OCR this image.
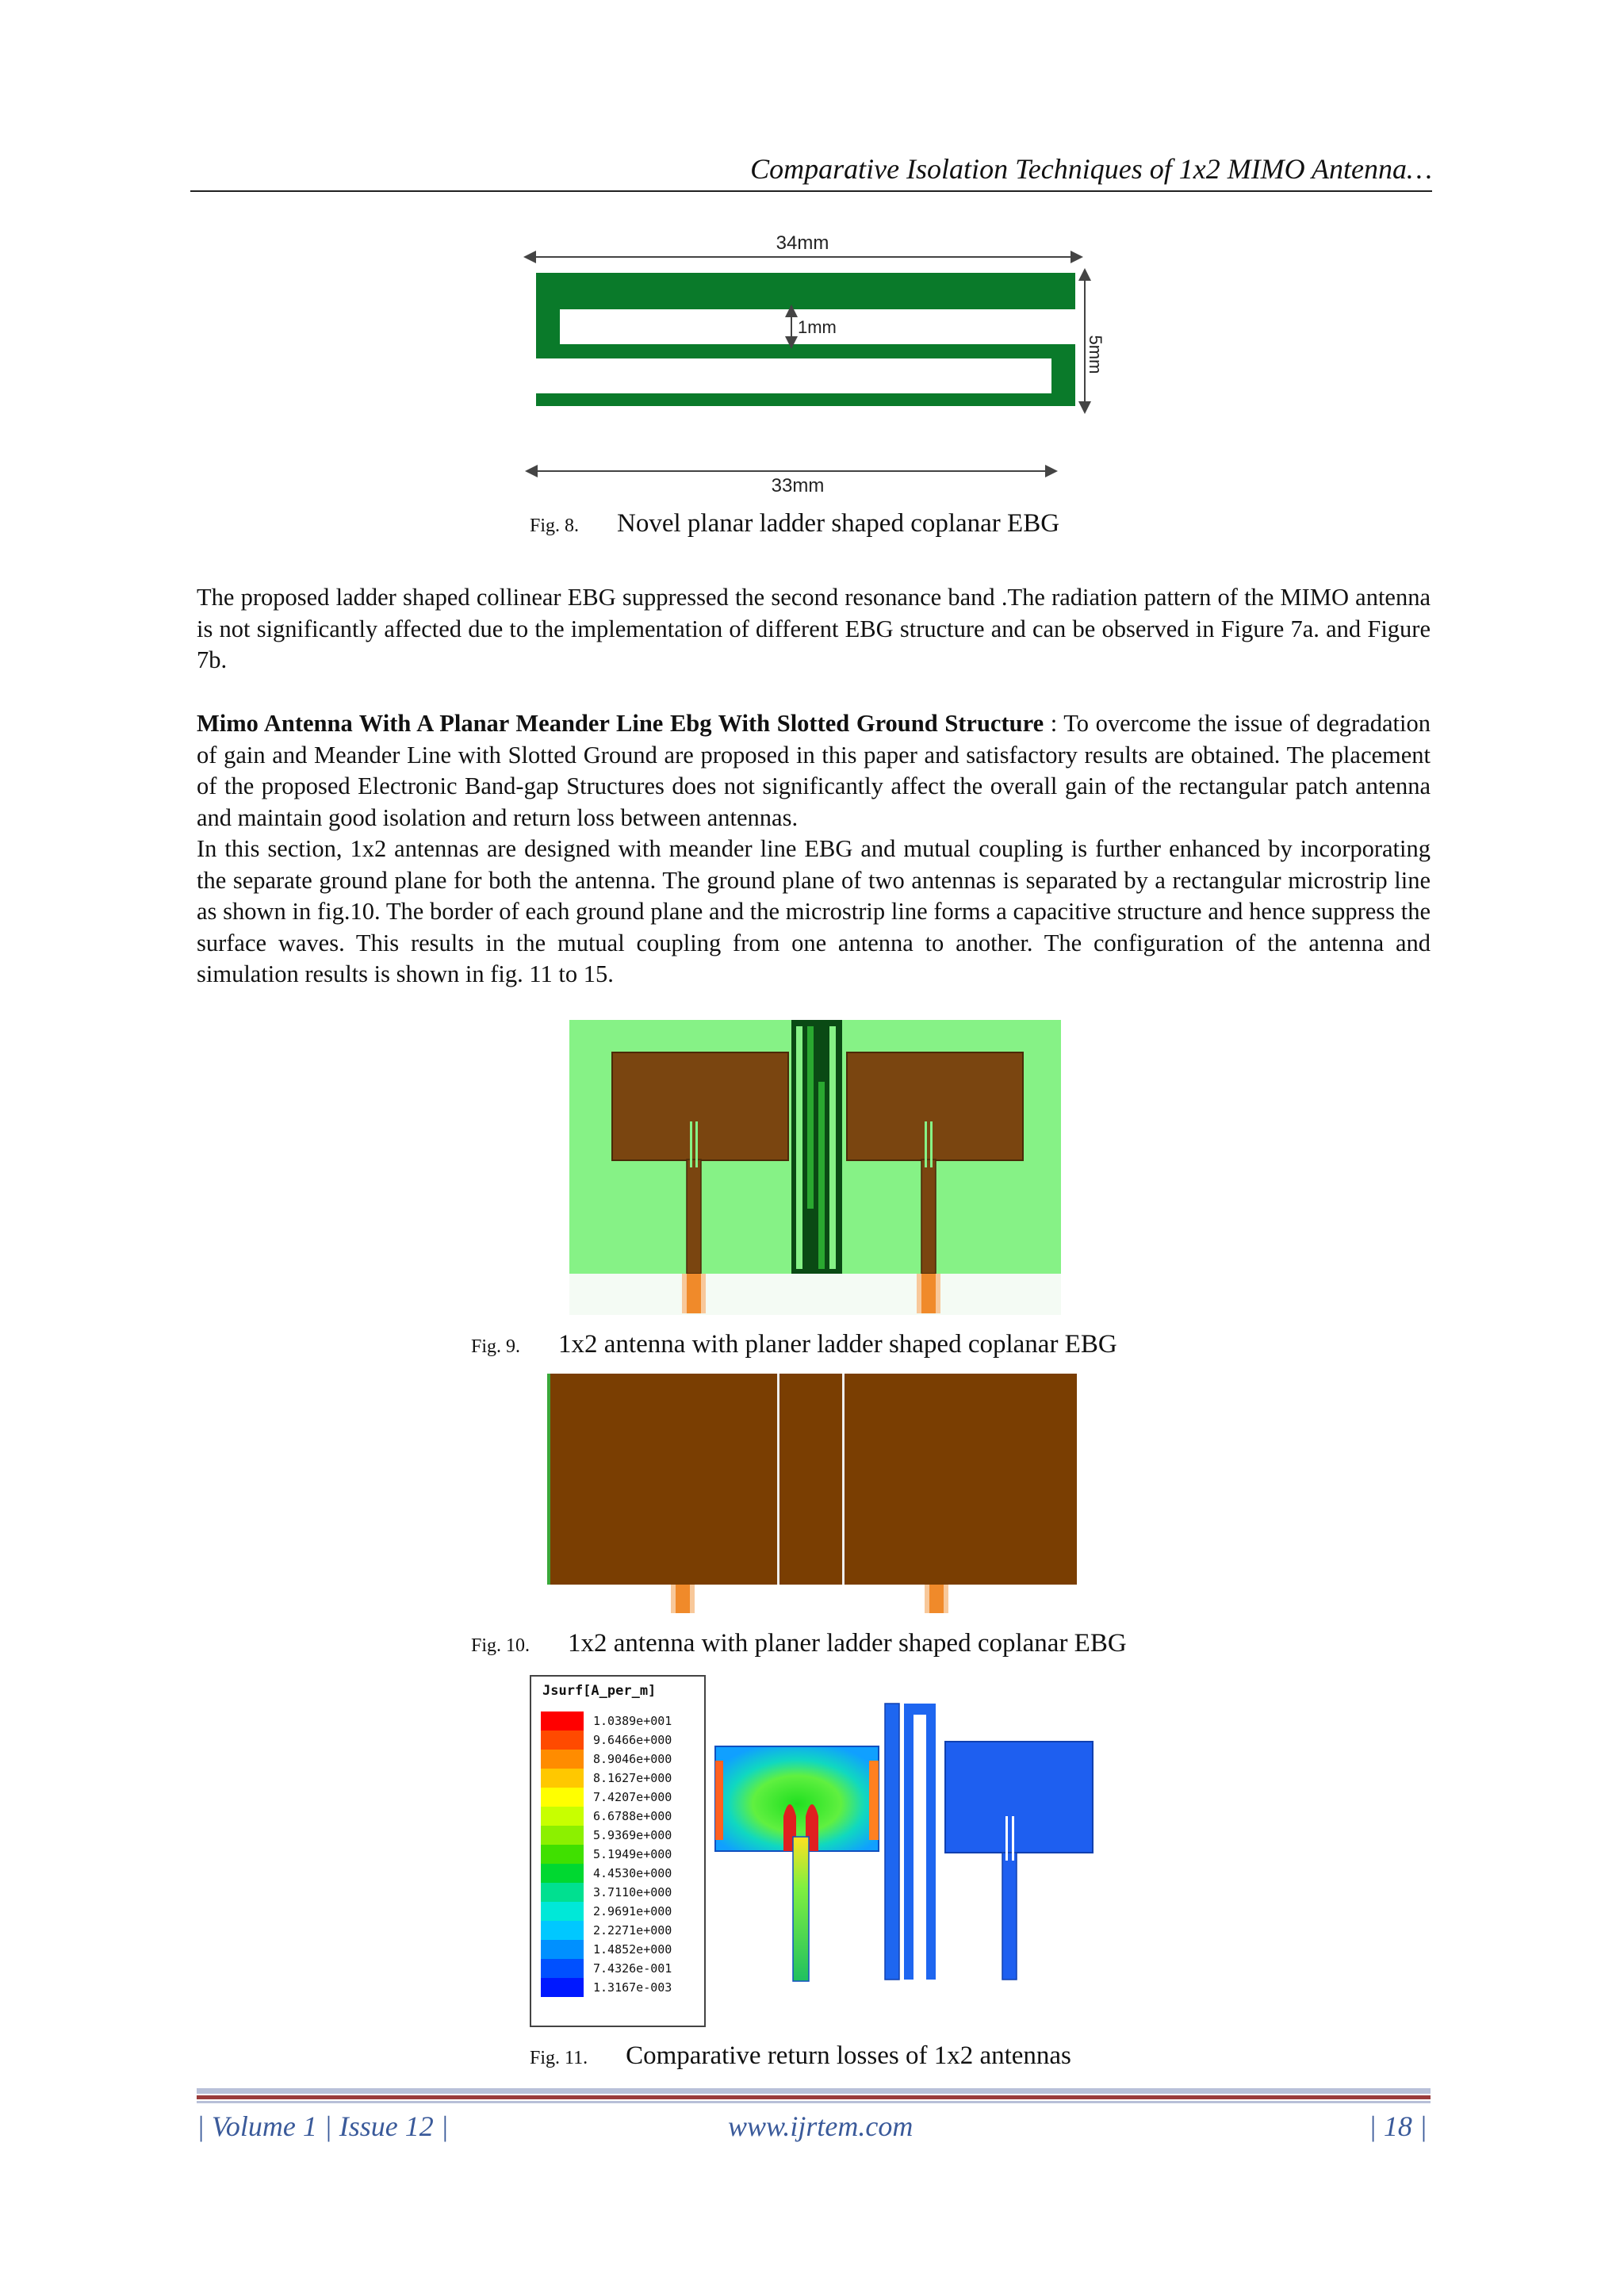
Comparative Isolation Techniques of 1x2 MIMO Antenna…
34mm
1mm
5mm
33mm
Fig. 8. Novel planar ladder shaped coplanar EBG

The proposed ladder shaped collinear EBG suppressed the second resonance band .The radiation pattern of the MIMO antenna is not significantly affected due to the implementation of different EBG structure and can be observed in Figure 7a. and Figure 7b.

Mimo Antenna With A Planar Meander Line Ebg With Slotted Ground Structure : To overcome the issue of degradation of gain and Meander Line with Slotted Ground are proposed in this paper and satisfactory results are obtained. The placement of the proposed Electronic Band-gap Structures does not significantly affect the overall gain of the rectangular patch antenna and maintain good isolation and return loss between antennas.

In this section, 1x2 antennas are designed with meander line EBG and mutual coupling is further enhanced by incorporating the separate ground plane for both the antenna. The ground plane of two antennas is separated by a rectangular microstrip line as shown in fig.10. The border of each ground plane and the microstrip line forms a capacitive structure and hence suppress the surface waves. This results in the mutual coupling from one antenna to another. The configuration of the antenna and simulation results is shown in fig. 11 to 15.

Fig. 9. 1x2 antenna with planer ladder shaped coplanar EBG
Fig. 10. 1x2 antenna with planer ladder shaped coplanar EBG
Jsurf[A_per_m]
1.0389e+001
9.6466e+000
8.9046e+000
8.1627e+000
7.4207e+000
6.6788e+000
5.9369e+000
5.1949e+000
4.4530e+000
3.7110e+000
2.9691e+000
2.2271e+000
1.4852e+000
7.4326e-001
1.3167e-003
Fig. 11. Comparative return losses of 1x2 antennas
| Volume 1 | Issue 12 |	www.ijrtem.com	| 18 |
